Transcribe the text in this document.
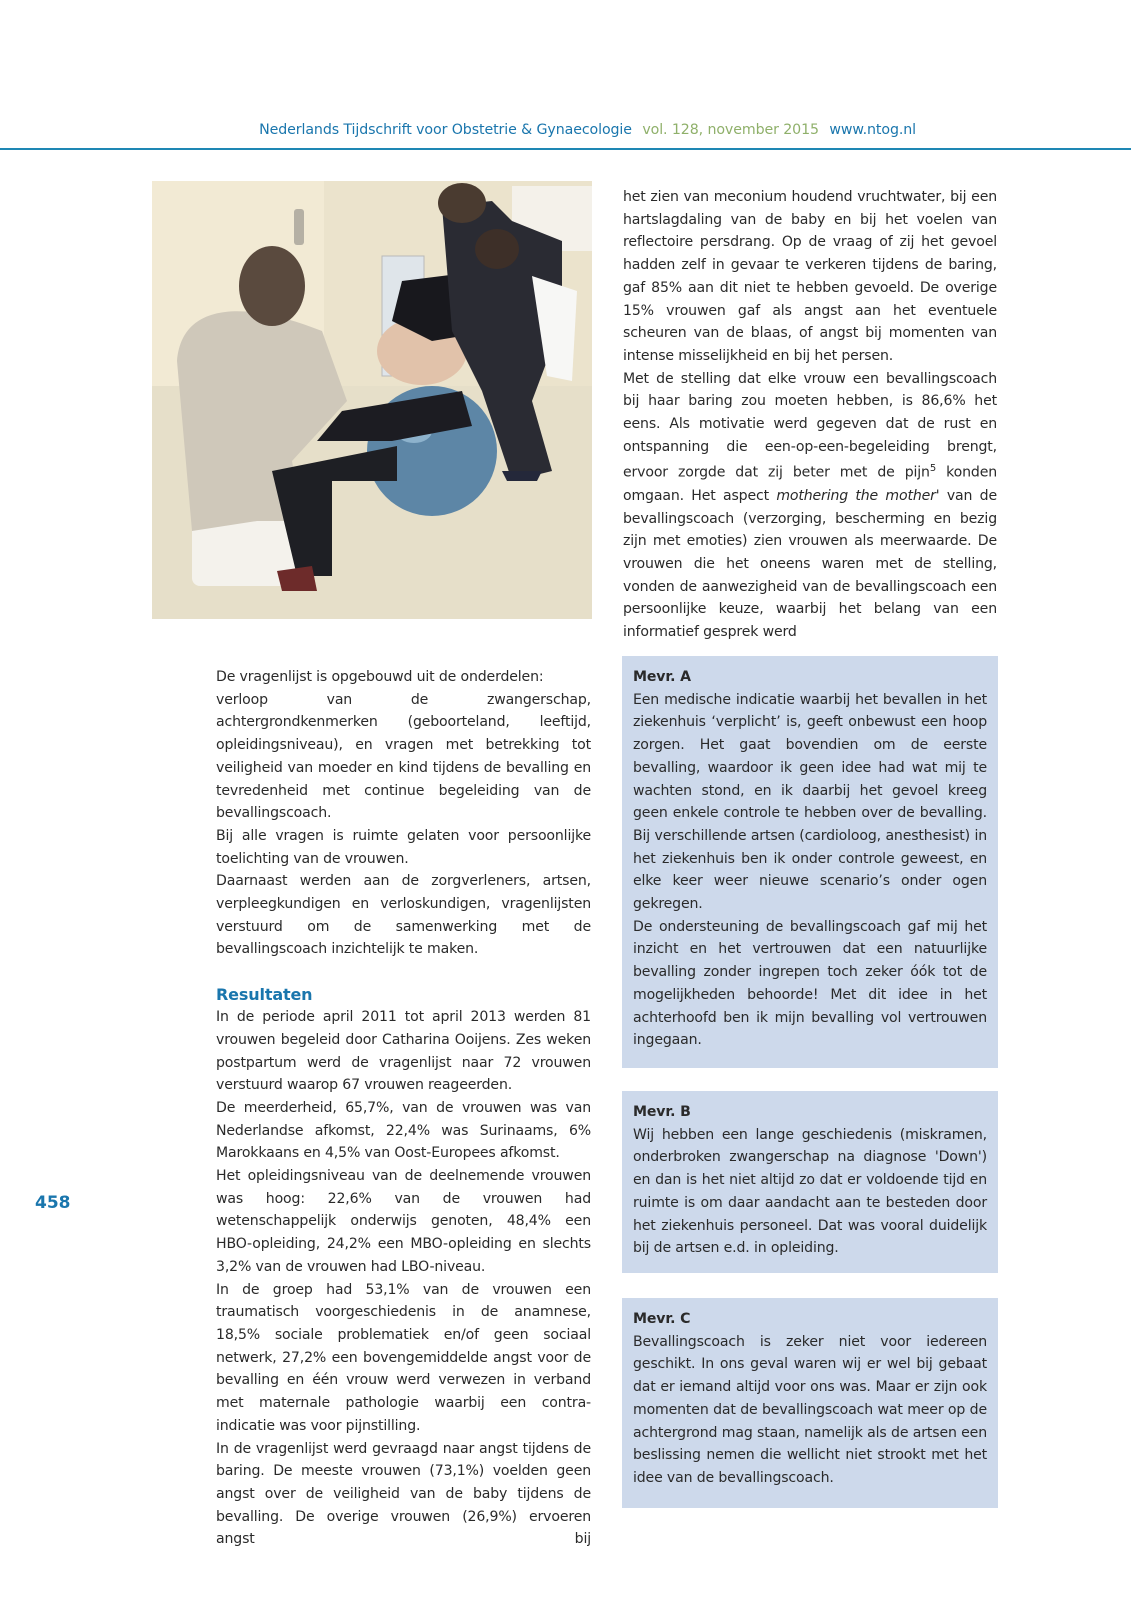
Nederlands Tijdschrift voor Obstetrie & Gynaecologie vol. 128, november 2015 www.ntog.nl

het zien van meconium houdend vruchtwater, bij een hartslagdaling van de baby en bij het voelen van reflectoire persdrang. Op de vraag of zij het gevoel hadden zelf in gevaar te verkeren tijdens de baring, gaf 85% aan dit niet te hebben gevoeld. De overige 15% vrouwen gaf als angst aan het eventuele scheuren van de blaas, of angst bij momenten van intense misselijkheid en bij het persen.

Met de stelling dat elke vrouw een bevallingscoach bij haar baring zou moeten hebben, is 86,6% het eens. Als motivatie werd gegeven dat de rust en ontspanning die een-op-een-begeleiding brengt, ervoor zorgde dat zij beter met de pijn$^5$ konden omgaan. Het aspect mothering the mother' van de bevallingscoach (verzorging, bescherming en bezig zijn met emoties) zien vrouwen als meerwaarde. De vrouwen die het oneens waren met de stelling, vonden de aanwezigheid van de bevallingscoach een persoonlijke keuze, waarbij het belang van een informatief gesprek werd

De vragenlijst is opgebouwd uit de onderdelen:

verloop van de zwangerschap, achtergrondkenmerken (geboorteland, leeftijd, opleidingsniveau), en vragen met betrekking tot veiligheid van moeder en kind tijdens de bevalling en tevredenheid met continue begeleiding van de bevallingscoach.

Bij alle vragen is ruimte gelaten voor persoonlijke toelichting van de vrouwen.

Daarnaast werden aan de zorgverleners, artsen, verpleegkundigen en verloskundigen, vragenlijsten verstuurd om de samenwerking met de bevallingscoach inzichtelijk te maken.

Resultaten

In de periode april 2011 tot april 2013 werden 81 vrouwen begeleid door Catharina Ooijens. Zes weken postpartum werd de vragenlijst naar 72 vrouwen verstuurd waarop 67 vrouwen reageerden.

De meerderheid, 65,7%, van de vrouwen was van Nederlandse afkomst, 22,4% was Surinaams, 6% Marokkaans en 4,5% van Oost-Europees afkomst.

Het opleidingsniveau van de deelnemende vrouwen was hoog: 22,6% van de vrouwen had wetenschappelijk onderwijs genoten, 48,4% een HBO-opleiding, 24,2% een MBO-opleiding en slechts 3,2% van de vrouwen had LBO-niveau.

In de groep had 53,1% van de vrouwen een traumatisch voorgeschiedenis in de anamnese, 18,5% sociale problematiek en/of geen sociaal netwerk, 27,2% een bovengemiddelde angst voor de bevalling en één vrouw werd verwezen in verband met maternale pathologie waarbij een contra-indicatie was voor pijnstilling.

In de vragenlijst werd gevraagd naar angst tijdens de baring. De meeste vrouwen (73,1%) voelden geen angst over de veiligheid van de baby tijdens de bevalling. De overige vrouwen (26,9%) ervoeren angst bij

Mevr. A

Een medische indicatie waarbij het bevallen in het ziekenhuis ‘verplicht’ is, geeft onbewust een hoop zorgen. Het gaat bovendien om de eerste bevalling, waardoor ik geen idee had wat mij te wachten stond, en ik daarbij het gevoel kreeg geen enkele controle te hebben over de bevalling. Bij verschillende artsen (cardioloog, anesthesist) in het ziekenhuis ben ik onder controle geweest, en elke keer weer nieuwe scenario’s onder ogen gekregen.

De ondersteuning de bevallingscoach gaf mij het inzicht en het vertrouwen dat een natuurlijke bevalling zonder ingrepen toch zeker óók tot de mogelijkheden behoorde! Met dit idee in het achterhoofd ben ik mijn bevalling vol vertrouwen ingegaan.

Mevr. B

Wij hebben een lange geschiedenis (miskramen, onderbroken zwangerschap na diagnose 'Down') en dan is het niet altijd zo dat er voldoende tijd en ruimte is om daar aandacht aan te besteden door het ziekenhuis personeel. Dat was vooral duidelijk bij de artsen e.d. in opleiding.

Mevr. C

Bevallingscoach is zeker niet voor iedereen geschikt. In ons geval waren wij er wel bij gebaat dat er iemand altijd voor ons was. Maar er zijn ook momenten dat de bevallingscoach wat meer op de achtergrond mag staan, namelijk als de artsen een beslissing nemen die wellicht niet strookt met het idee van de bevallingscoach.

458
